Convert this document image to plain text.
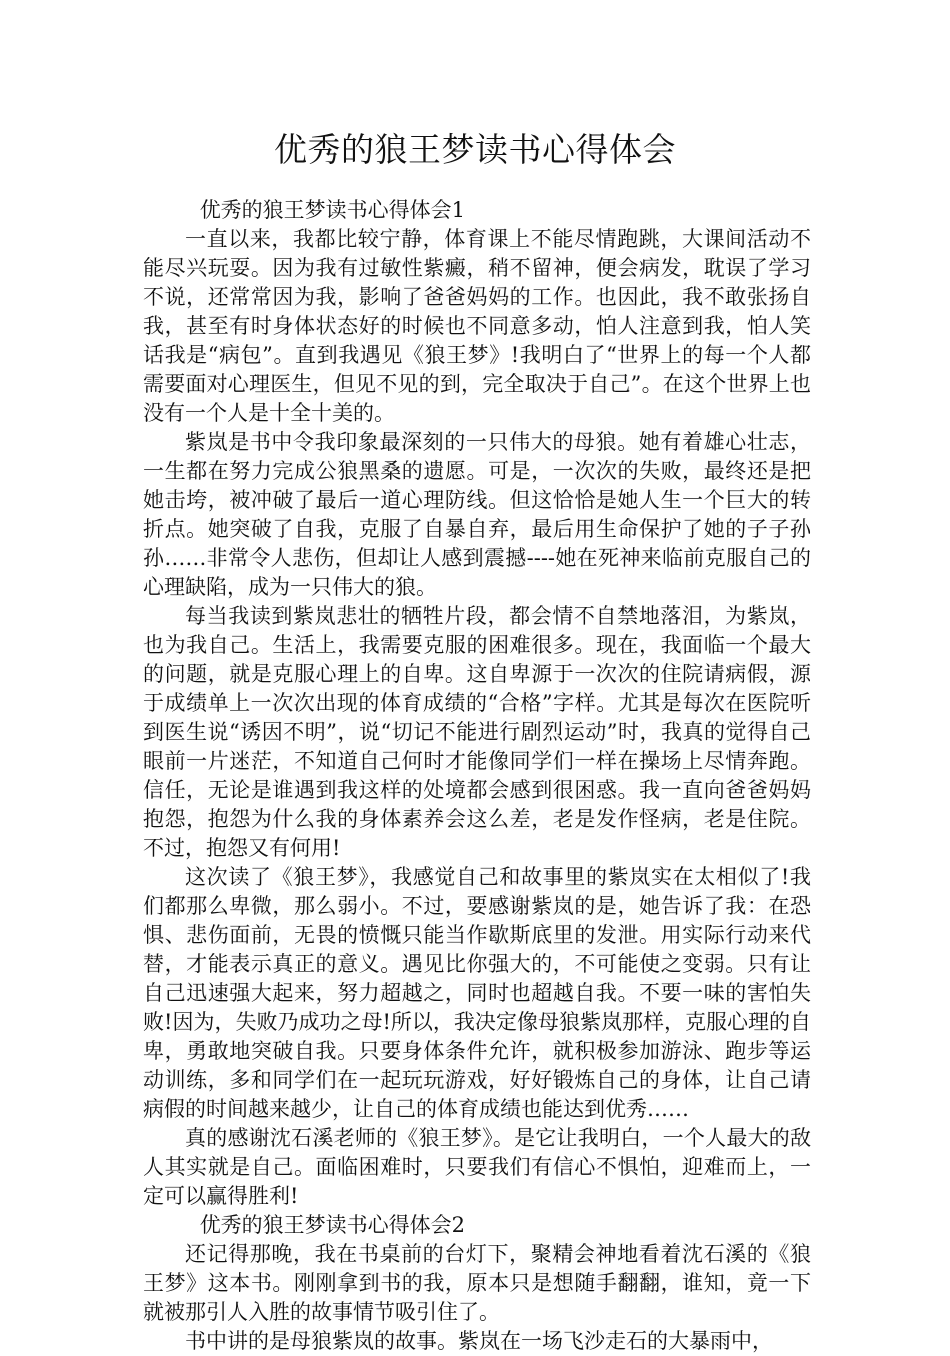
优秀的狼王梦读书心得体会

优秀的狼王梦读书心得体会1

一直以来，我都比较宁静，体育课上不能尽情跑跳，大课间活动不能尽兴玩耍。因为我有过敏性紫癜，稍不留神，便会病发，耽误了学习不说，还常常因为我，影响了爸爸妈妈的工作。也因此，我不敢张扬自我，甚至有时身体状态好的时候也不同意多动，怕人注意到我，怕人笑话我是“病包”。直到我遇见《狼王梦》!我明白了“世界上的每一个人都需要面对心理医生，但见不见的到，完全取决于自己”。在这个世界上也没有一个人是十全十美的。

紫岚是书中令我印象最深刻的一只伟大的母狼。她有着雄心壮志，一生都在努力完成公狼黑桑的遗愿。可是，一次次的失败，最终还是把她击垮，被冲破了最后一道心理防线。但这恰恰是她人生一个巨大的转折点。她突破了自我，克服了自暴自弃，最后用生命保护了她的子子孙孙……非常令人悲伤，但却让人感到震撼----她在死神来临前克服自己的心理缺陷，成为一只伟大的狼。

每当我读到紫岚悲壮的牺牲片段，都会情不自禁地落泪，为紫岚，也为我自己。生活上，我需要克服的困难很多。现在，我面临一个最大的问题，就是克服心理上的自卑。这自卑源于一次次的住院请病假，源于成绩单上一次次出现的体育成绩的“合格”字样。尤其是每次在医院听到医生说“诱因不明”，说“切记不能进行剧烈运动”时，我真的觉得自己眼前一片迷茫，不知道自己何时才能像同学们一样在操场上尽情奔跑。信任，无论是谁遇到我这样的处境都会感到很困惑。我一直向爸爸妈妈抱怨，抱怨为什么我的身体素养会这么差，老是发作怪病，老是住院。不过，抱怨又有何用!

这次读了《狼王梦》，我感觉自己和故事里的紫岚实在太相似了!我们都那么卑微，那么弱小。不过，要感谢紫岚的是，她告诉了我：在恐惧、悲伤面前，无畏的愤慨只能当作歇斯底里的发泄。用实际行动来代替，才能表示真正的意义。遇见比你强大的，不可能使之变弱。只有让自己迅速强大起来，努力超越之，同时也超越自我。不要一味的害怕失败!因为，失败乃成功之母!所以，我决定像母狼紫岚那样，克服心理的自卑，勇敢地突破自我。只要身体条件允许，就积极参加游泳、跑步等运动训练，多和同学们在一起玩玩游戏，好好锻炼自己的身体，让自己请病假的时间越来越少，让自己的体育成绩也能达到优秀……

真的感谢沈石溪老师的《狼王梦》。是它让我明白，一个人最大的敌人其实就是自己。面临困难时，只要我们有信心不惧怕，迎难而上，一定可以赢得胜利!

优秀的狼王梦读书心得体会2

还记得那晚，我在书桌前的台灯下，聚精会神地看着沈石溪的《狼王梦》这本书。刚刚拿到书的我，原本只是想随手翻翻，谁知，竟一下就被那引人入胜的故事情节吸引住了。

书中讲的是母狼紫岚的故事。紫岚在一场飞沙走石的大暴雨中，
